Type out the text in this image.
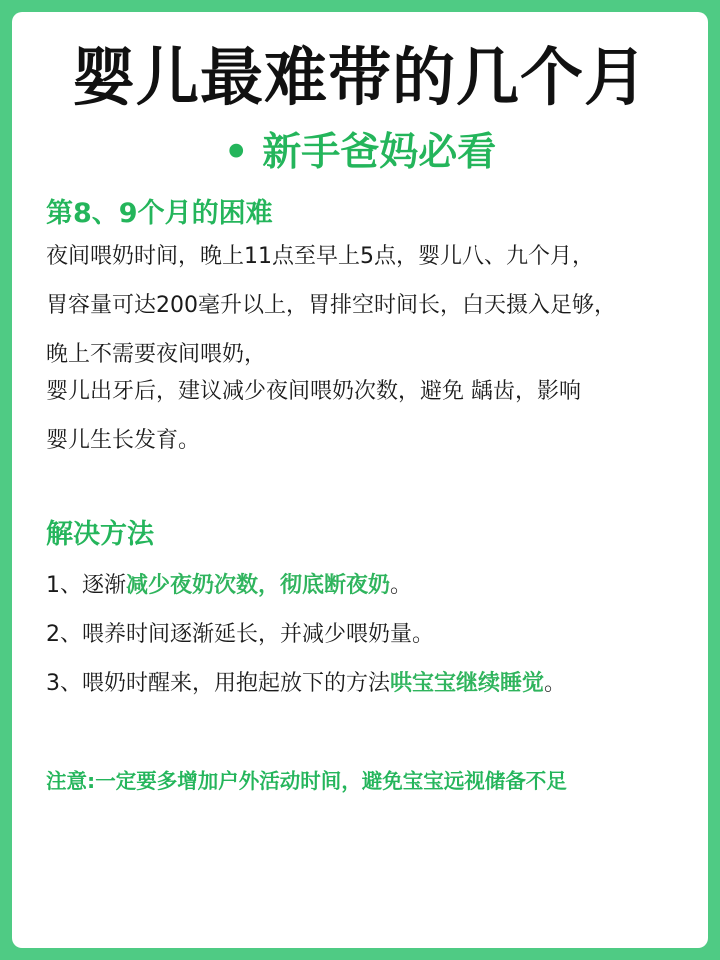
婴儿最难带的几个月
• 新手爸妈必看
第8、9个月的困难
夜间喂奶时间，晚上11点至早上5点，婴儿八、九个月，
胃容量可达200毫升以上，胃排空时间长，白天摄入足够，
晚上不需要夜间喂奶，
婴儿出牙后，建议减少夜间喂奶次数，避免 龋齿，影响
婴儿生长发育。
解决方法
1、逐渐减少夜奶次数，彻底断夜奶。
2、喂养时间逐渐延长，并减少喂奶量。
3、喂奶时醒来，用抱起放下的方法哄宝宝继续睡觉。
注意:一定要多增加户外活动时间，避免宝宝远视储备不足
